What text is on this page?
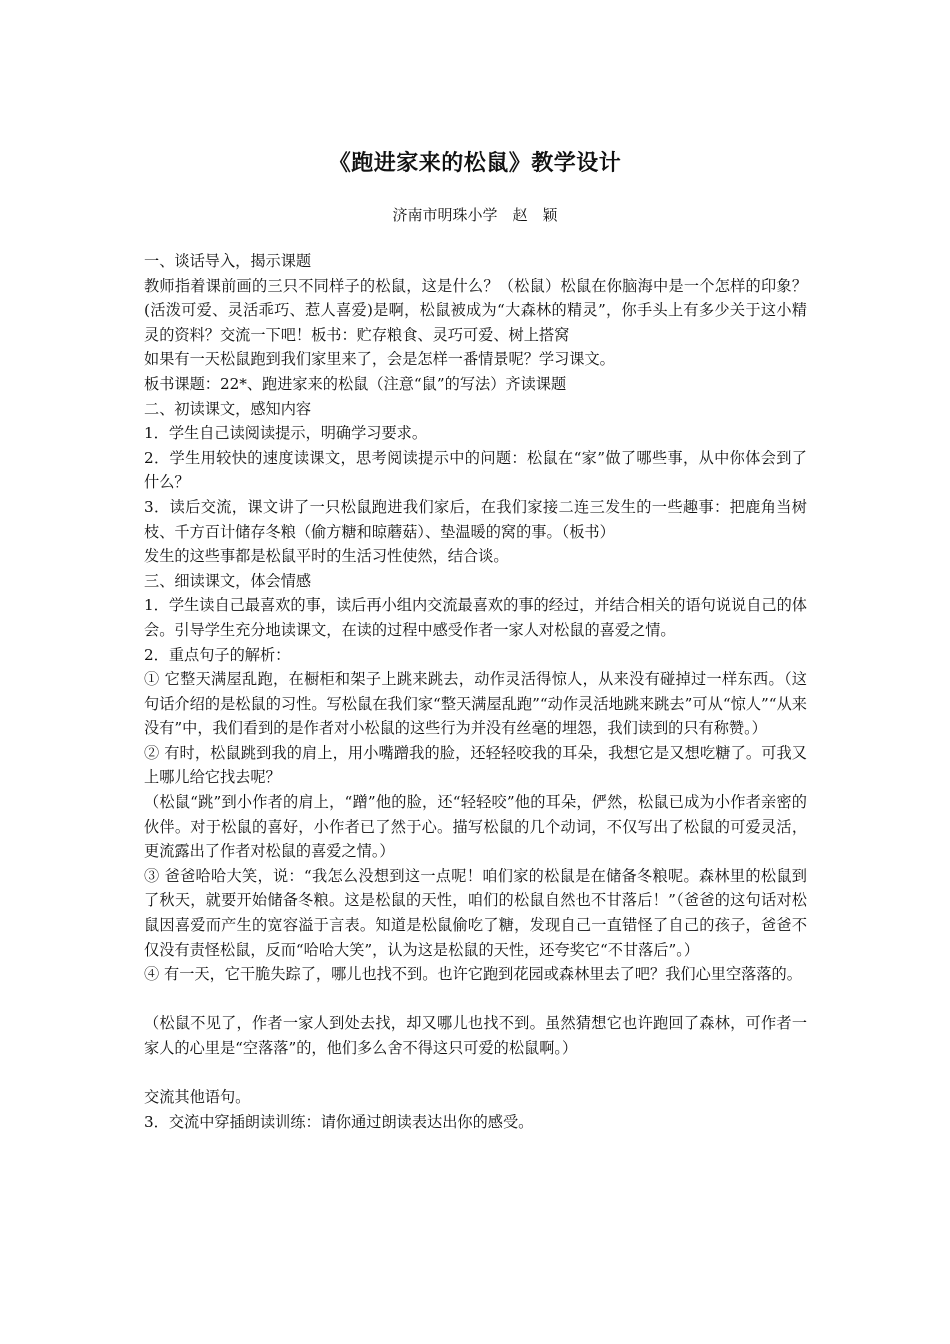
《跑进家来的松鼠》教学设计
济南市明珠小学　赵　颖

一、谈话导入，揭示课题

教师指着课前画的三只不同样子的松鼠，这是什么？（松鼠）松鼠在你脑海中是一个怎样的印象？(活泼可爱、灵活乖巧、惹人喜爱)是啊，松鼠被成为“大森林的精灵”，你手头上有多少关于这小精灵的资料？交流一下吧！板书：贮存粮食、灵巧可爱、树上搭窝

如果有一天松鼠跑到我们家里来了，会是怎样一番情景呢？学习课文。

板书课题：22*、跑进家来的松鼠（注意“鼠”的写法）齐读课题

二、初读课文，感知内容

1．学生自己读阅读提示，明确学习要求。

2．学生用较快的速度读课文，思考阅读提示中的问题：松鼠在“家”做了哪些事，从中你体会到了什么？

3．读后交流，课文讲了一只松鼠跑进我们家后，在我们家接二连三发生的一些趣事：把鹿角当树枝、千方百计储存冬粮（偷方糖和晾蘑菇）、垫温暖的窝的事。（板书）

发生的这些事都是松鼠平时的生活习性使然，结合谈。

三、细读课文，体会情感

1．学生读自己最喜欢的事，读后再小组内交流最喜欢的事的经过，并结合相关的语句说说自己的体会。引导学生充分地读课文，在读的过程中感受作者一家人对松鼠的喜爱之情。

2．重点句子的解析：

① 它整天满屋乱跑，在橱柜和架子上跳来跳去，动作灵活得惊人，从来没有碰掉过一样东西。（这句话介绍的是松鼠的习性。写松鼠在我们家“整天满屋乱跑”“动作灵活地跳来跳去”可从“惊人”“从来没有”中，我们看到的是作者对小松鼠的这些行为并没有丝毫的埋怨，我们读到的只有称赞。）

② 有时，松鼠跳到我的肩上，用小嘴蹭我的脸，还轻轻咬我的耳朵，我想它是又想吃糖了。可我又上哪儿给它找去呢？

（松鼠“跳”到小作者的肩上，“蹭”他的脸，还“轻轻咬”他的耳朵，俨然，松鼠已成为小作者亲密的伙伴。对于松鼠的喜好，小作者已了然于心。描写松鼠的几个动词，不仅写出了松鼠的可爱灵活，更流露出了作者对松鼠的喜爱之情。）

③ 爸爸哈哈大笑，说：“我怎么没想到这一点呢！咱们家的松鼠是在储备冬粮呢。森林里的松鼠到了秋天，就要开始储备冬粮。这是松鼠的天性，咱们的松鼠自然也不甘落后！”（爸爸的这句话对松鼠因喜爱而产生的宽容溢于言表。知道是松鼠偷吃了糖，发现自己一直错怪了自己的孩子，爸爸不仅没有责怪松鼠，反而“哈哈大笑”，认为这是松鼠的天性，还夸奖它“不甘落后”。）

④ 有一天，它干脆失踪了，哪儿也找不到。也许它跑到花园或森林里去了吧？我们心里空落落的。

（松鼠不见了，作者一家人到处去找，却又哪儿也找不到。虽然猜想它也许跑回了森林，可作者一家人的心里是“空落落”的，他们多么舍不得这只可爱的松鼠啊。）

交流其他语句。

3．交流中穿插朗读训练：请你通过朗读表达出你的感受。
